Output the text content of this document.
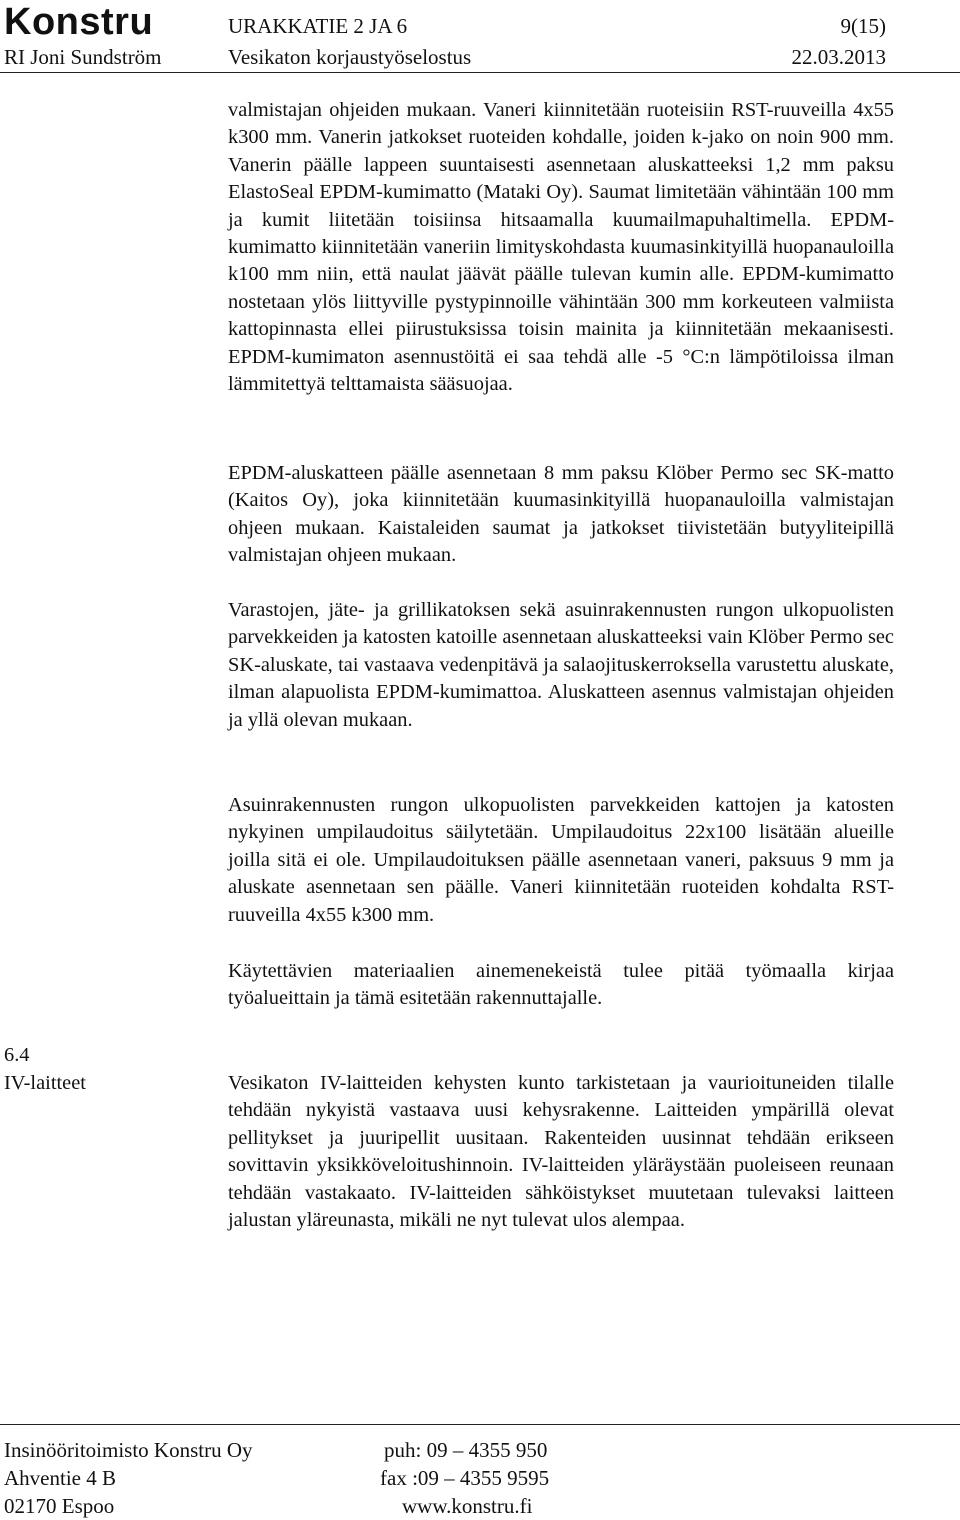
Konstru	URAKKATIE 2 JA 6	9(15)
RI Joni Sundström	Vesikaton korjaustyöselostus	22.03.2013
valmistajan ohjeiden mukaan. Vaneri kiinnitetään ruoteisiin RST-ruuveilla 4x55 k300 mm. Vanerin jatkokset ruoteiden kohdalle, joiden k-jako on noin 900 mm. Vanerin päälle lappeen suuntaisesti asennetaan aluskatteeksi 1,2 mm paksu ElastoSeal EPDM-kumimatto (Mataki Oy). Saumat limitetään vähintään 100 mm ja kumit liitetään toisiinsa hitsaamalla kuumailmapuhaltimella. EPDM-kumimatto kiinnitetään vaneriin limityskohdasta kuumasinkityillä huopanauloilla k100 mm niin, että naulat jäävät päälle tulevan kumin alle. EPDM-kumimatto nostetaan ylös liittyville pystypinnoille vähintään 300 mm korkeuteen valmiista kattopinnasta ellei piirustuksissa toisin mainita ja kiinnitetään mekaanisesti. EPDM-kumimaton asennustöitä ei saa tehdä alle -5 °C:n lämpötiloissa ilman lämmitettyä telttamaista sääsuojaa.
EPDM-aluskatteen päälle asennetaan 8 mm paksu Klöber Permo sec SK-matto (Kaitos Oy), joka kiinnitetään kuumasinkityillä huopanauloilla valmistajan ohjeen mukaan. Kaistaleiden saumat ja jatkokset tiivistetään butyyliteipillä valmistajan ohjeen mukaan.
Varastojen, jäte- ja grillikatoksen sekä asuinrakennusten rungon ulkopuolisten parvekkeiden ja katosten katoille asennetaan aluskatteeksi vain Klöber Permo sec SK-aluskate, tai vastaava vedenpitävä ja salaojituskerroksella varustettu aluskate, ilman alapuolista EPDM-kumimattoa. Aluskatteen asennus valmistajan ohjeiden ja yllä olevan mukaan.
Asuinrakennusten rungon ulkopuolisten parvekkeiden kattojen ja katosten nykyinen umpilaudoitus säilytetään. Umpilaudoitus 22x100 lisätään alueille joilla sitä ei ole. Umpilaudoituksen päälle asennetaan vaneri, paksuus 9 mm ja aluskate asennetaan sen päälle. Vaneri kiinnitetään ruoteiden kohdalta RST-ruuveilla 4x55 k300 mm.
Käytettävien materiaalien ainemenekeistä tulee pitää työmaalla kirjaa työalueittain ja tämä esitetään rakennuttajalle.
6.4
IV-laitteet	Vesikaton IV-laitteiden kehysten kunto tarkistetaan ja vaurioituneiden tilalle tehdään nykyistä vastaava uusi kehysrakenne. Laitteiden ympärillä olevat pellitykset ja juuripellit uusitaan. Rakenteiden uusinnat tehdään erikseen sovittavin yksikköveloitushinnoin. IV-laitteiden yläräystään puoleiseen reunaan tehdään vastakaato. IV-laitteiden sähköistykset muutetaan tulevaksi laitteen jalustan yläreunasta, mikäli ne nyt tulevat ulos alempaa.
Insinööritoimisto Konstru Oy
Ahventie 4 B
02170 Espoo
puh: 09 – 4355 950
fax :09 – 4355 9595
www.konstru.fi
